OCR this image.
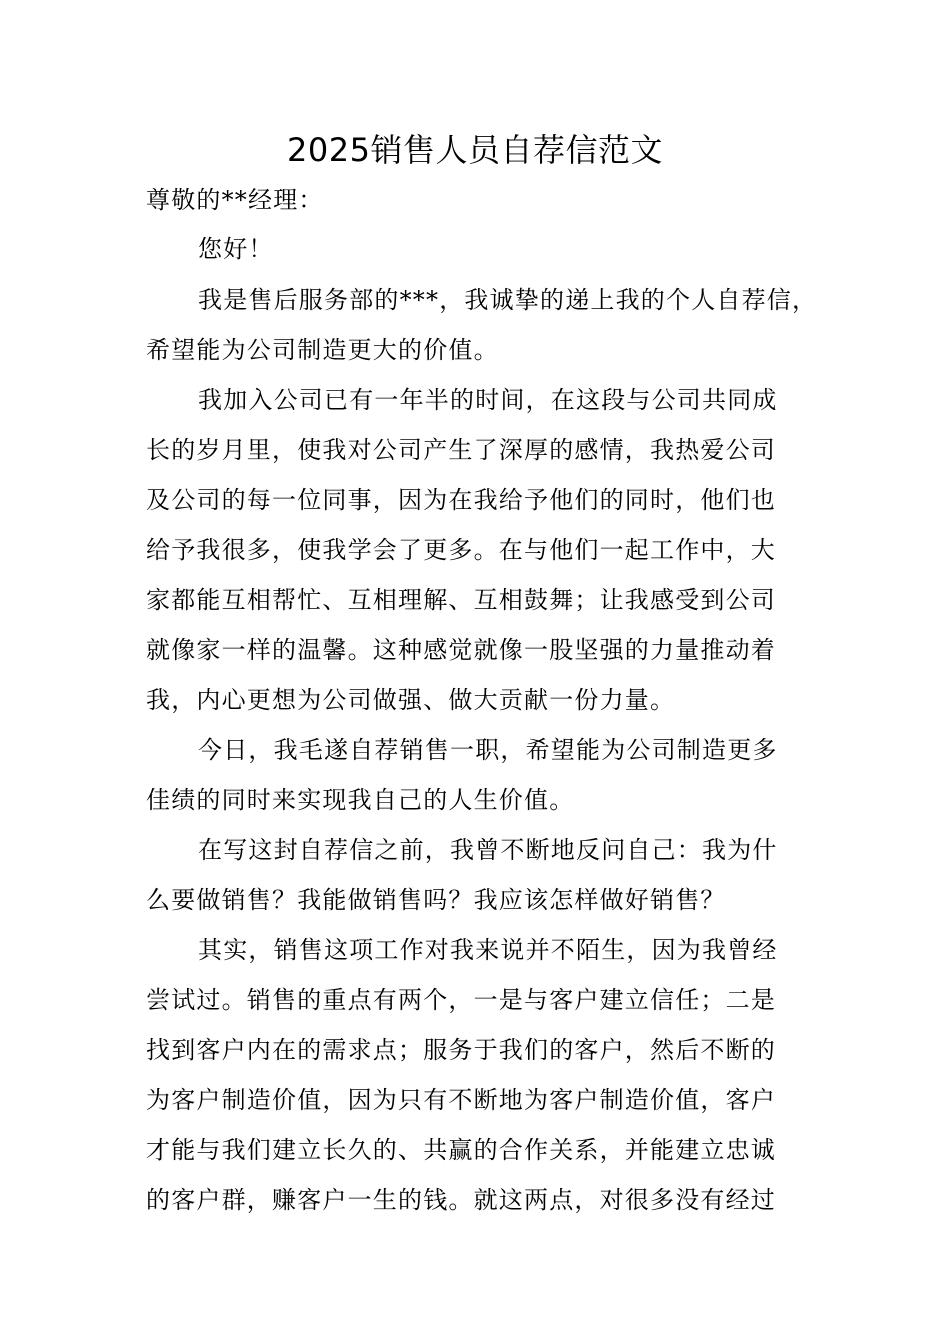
2025销售人员自荐信范文
尊敬的**经理：
您好！
我是售后服务部的***，我诚挚的递上我的个人自荐信，
希望能为公司制造更大的价值。
我加入公司已有一年半的时间，在这段与公司共同成
长的岁月里，使我对公司产生了深厚的感情，我热爱公司
及公司的每一位同事，因为在我给予他们的同时，他们也
给予我很多，使我学会了更多。在与他们一起工作中，大
家都能互相帮忙、互相理解、互相鼓舞；让我感受到公司
就像家一样的温馨。这种感觉就像一股坚强的力量推动着
我，内心更想为公司做强、做大贡献一份力量。
今日，我毛遂自荐销售一职，希望能为公司制造更多
佳绩的同时来实现我自己的人生价值。
在写这封自荐信之前，我曾不断地反问自己：我为什
么要做销售？我能做销售吗？我应该怎样做好销售？
其实，销售这项工作对我来说并不陌生，因为我曾经
尝试过。销售的重点有两个，一是与客户建立信任；二是
找到客户内在的需求点；服务于我们的客户，然后不断的
为客户制造价值，因为只有不断地为客户制造价值，客户
才能与我们建立长久的、共赢的合作关系，并能建立忠诚
的客户群，赚客户一生的钱。就这两点，对很多没有经过
